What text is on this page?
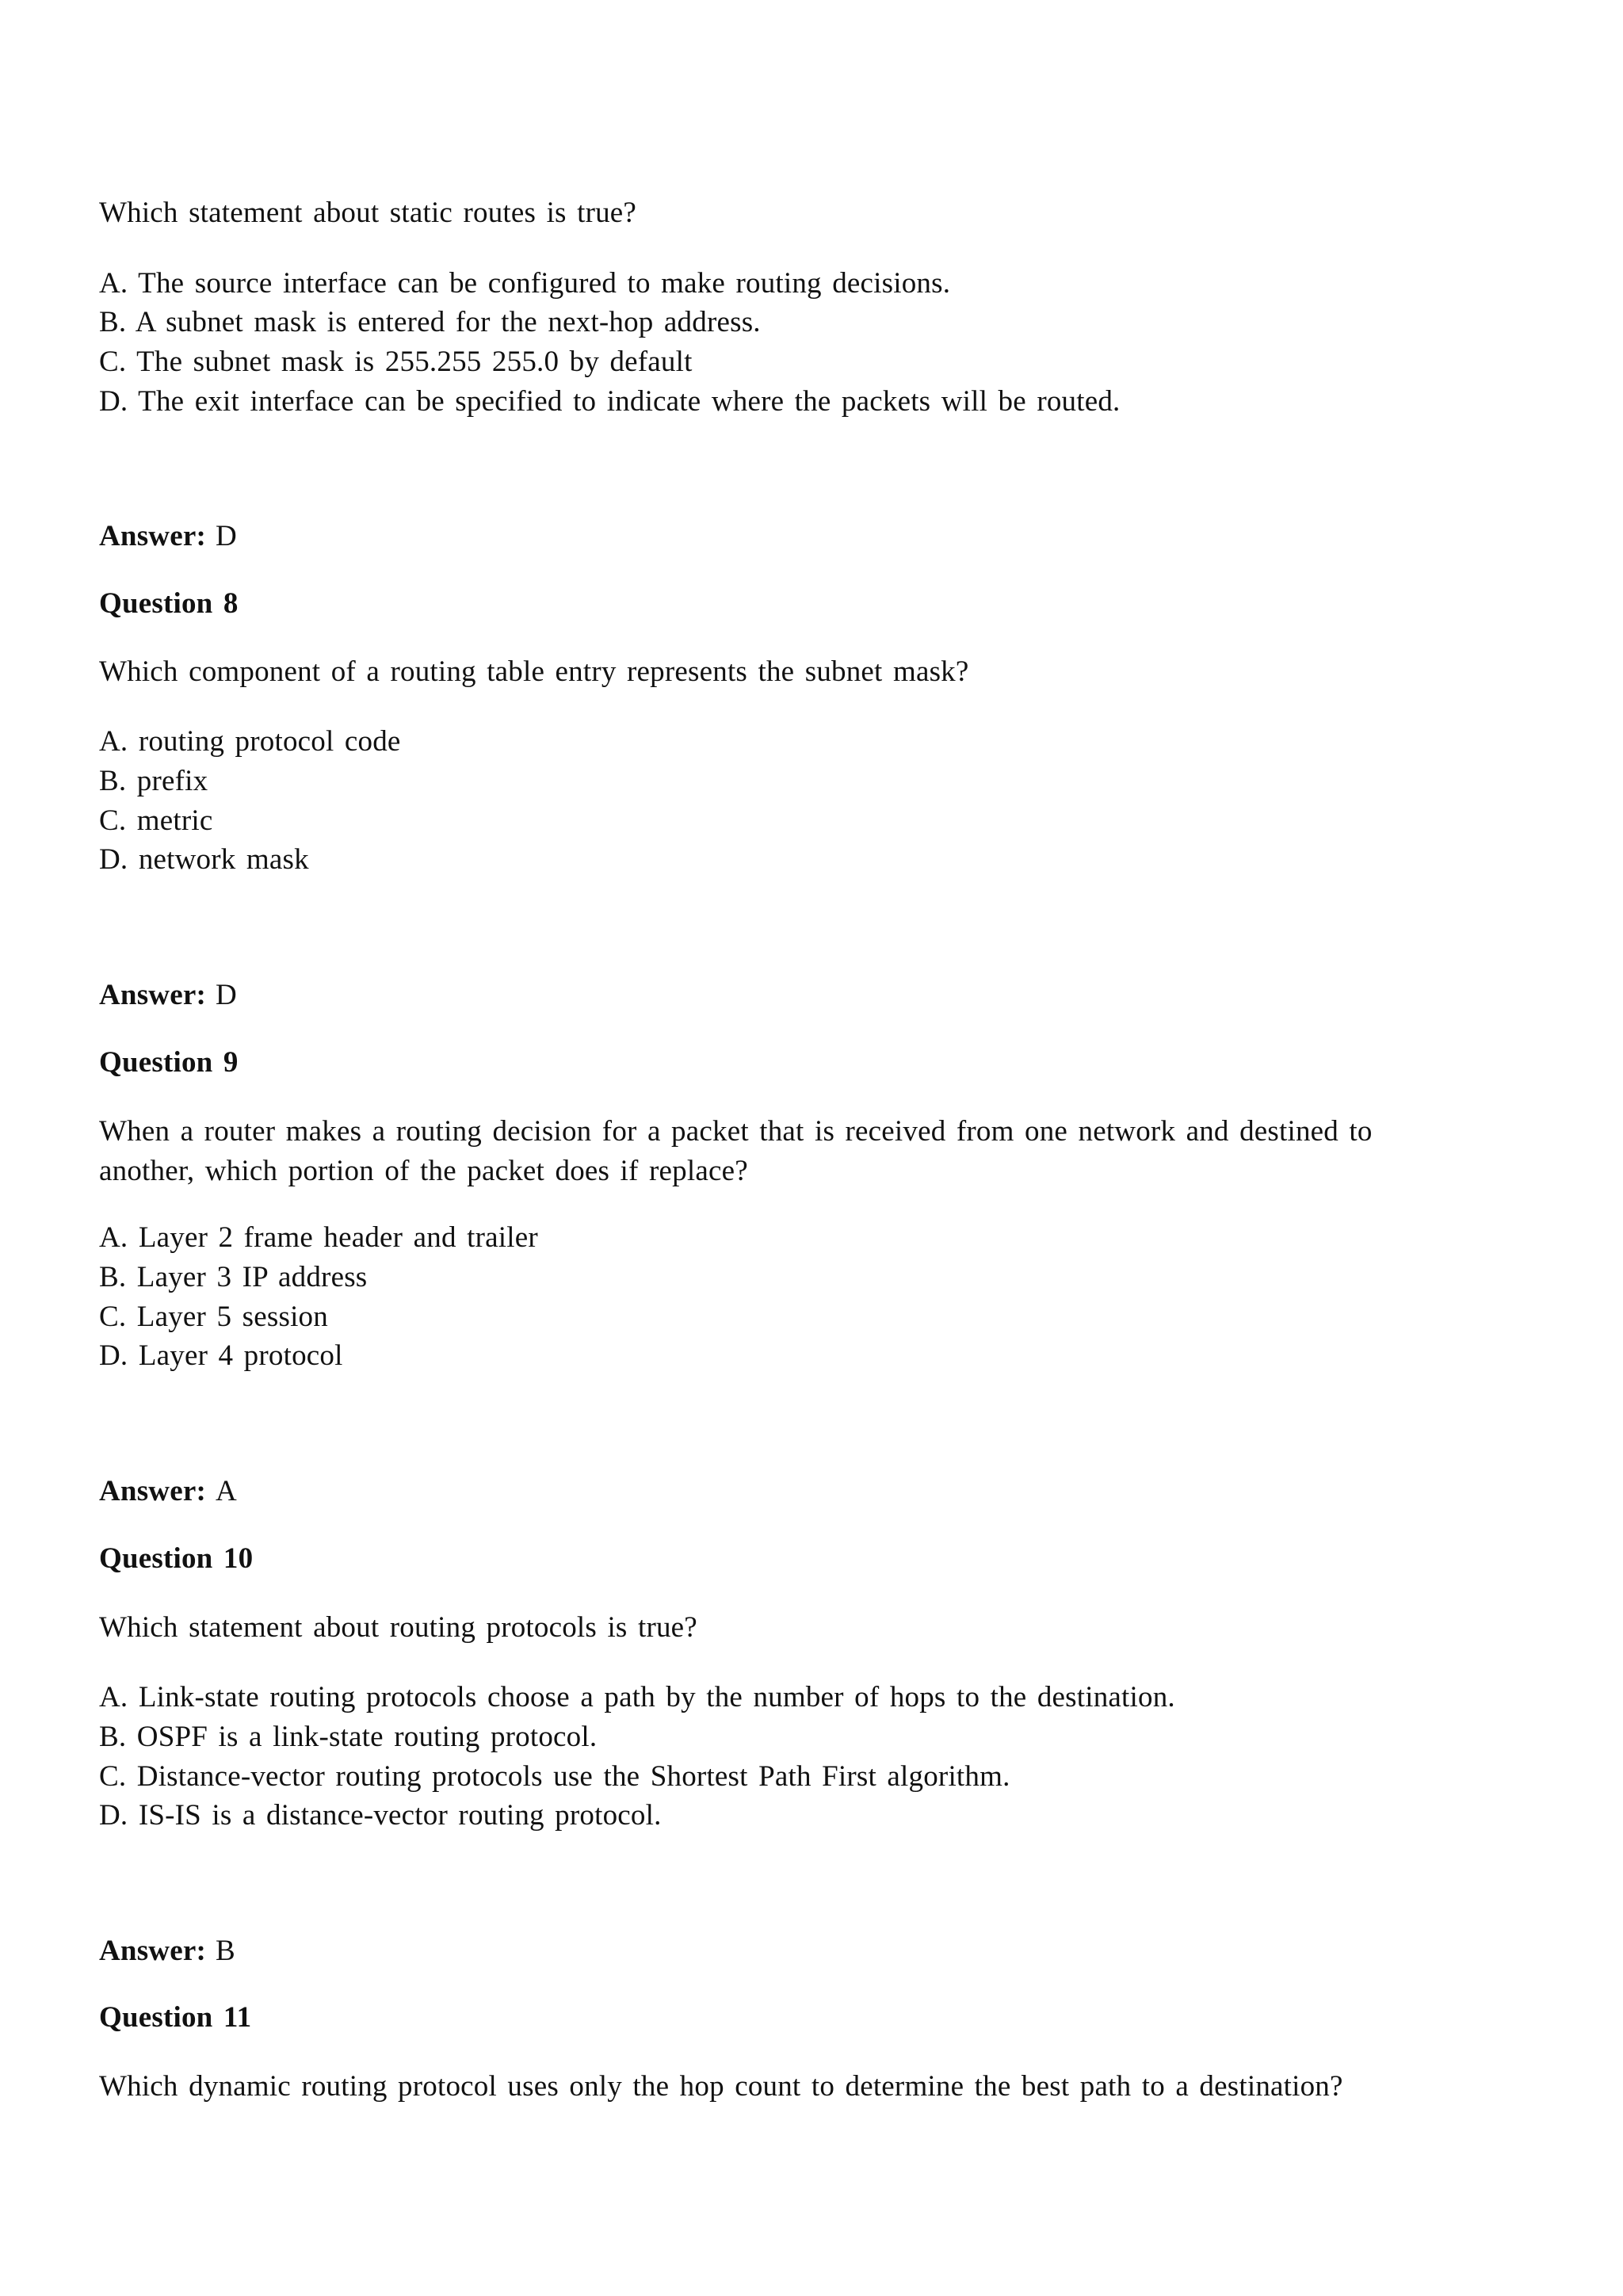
Which statement about static routes is true?
A. The source interface can be configured to make routing decisions.
B. A subnet mask is entered for the next-hop address.
C. The subnet mask is 255.255 255.0 by default
D. The exit interface can be specified to indicate where the packets will be routed.
Answer: D
Question 8
Which component of a routing table entry represents the subnet mask?
A. routing protocol code
B. prefix
C. metric
D. network mask
Answer: D
Question 9
When a router makes a routing decision for a packet that is received from one network and destined to
another, which portion of the packet does if replace?
A. Layer 2 frame header and trailer
B. Layer 3 IP address
C. Layer 5 session
D. Layer 4 protocol
Answer: A
Question 10
Which statement about routing protocols is true?
A. Link-state routing protocols choose a path by the number of hops to the destination.
B. OSPF is a link-state routing protocol.
C. Distance-vector routing protocols use the Shortest Path First algorithm.
D. IS-IS is a distance-vector routing protocol.
Answer: B
Question 11
Which dynamic routing protocol uses only the hop count to determine the best path to a destination?
